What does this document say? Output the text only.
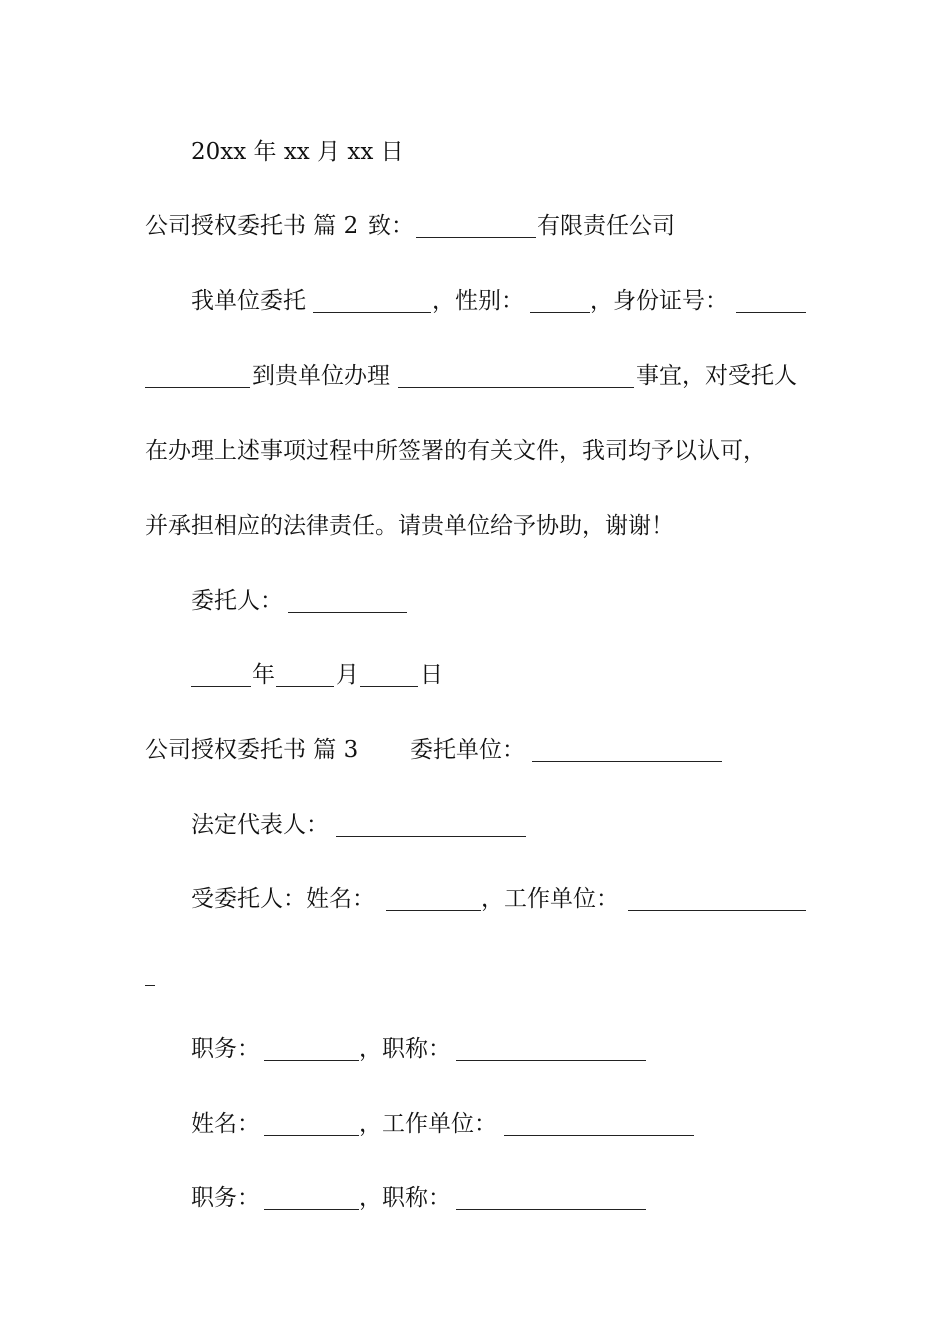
20xx 年 xx 月 xx 日
公司授权委托书 篇 2 致：	有限责任公司
我单位委托	，性别：	，身份证号：
到贵单位办理	事宜，对受托人
在办理上述事项过程中所签署的有关文件，我司均予以认可，
并承担相应的法律责任。请贵单位给予协助，谢谢！
委托人：
年	月	日
公司授权委托书 篇 3 委托单位：
法定代表人：
受委托人：姓名：	，工作单位：
职务：	，职称：
姓名：	，工作单位：
职务：	，职称：
